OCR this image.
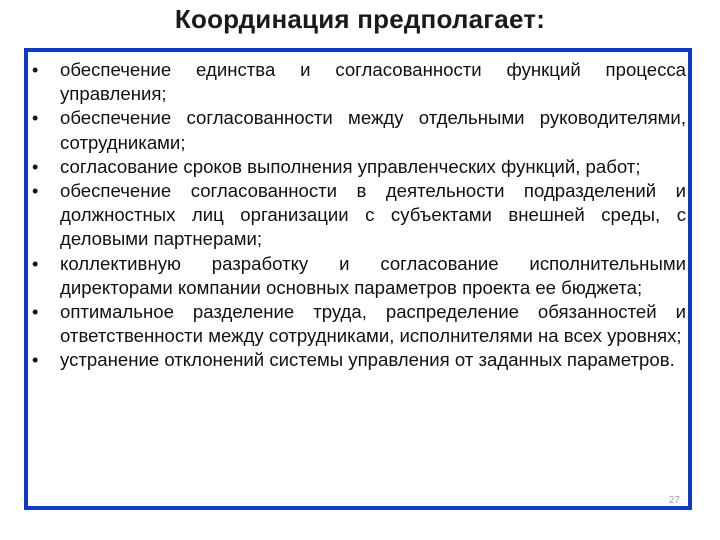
Координация предполагает:
•	обеспечение единства и согласованности функций процесса управления;
•	обеспечение согласованности между отдельными руководителями, сотрудниками;
•	согласование сроков выполнения управленческих функций, работ;
•	обеспечение согласованности в деятельности подразделений и должностных лиц организации с субъектами внешней среды, с деловыми партнерами;
•	коллективную разработку и согласование исполнительными директорами компании основных параметров проекта ее бюджета;
•	оптимальное разделение труда, распределение обязанностей и ответственности между сотрудниками, исполнителями на всех уровнях;
•	устранение отклонений системы управления от заданных параметров.
27
